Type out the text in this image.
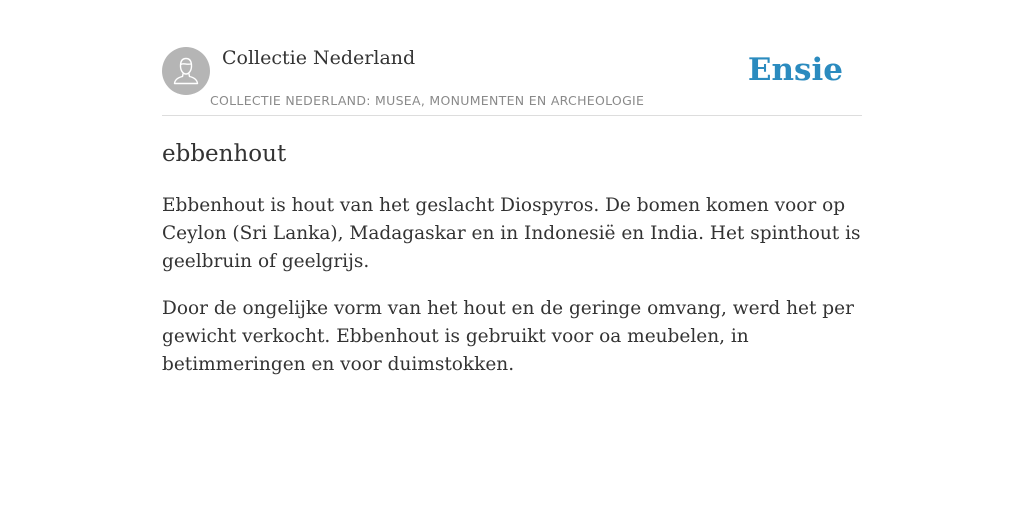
Collectie Nederland
COLLECTIE NEDERLAND: MUSEA, MONUMENTEN EN ARCHEOLOGIE
Ensie
ebbenhout

Ebbenhout is hout van het geslacht Diospyros. De bomen komen voor op Ceylon (Sri Lanka), Madagaskar en in Indonesië en India. Het spinthout is geelbruin of geelgrijs.

Door de ongelijke vorm van het hout en de geringe omvang, werd het per gewicht verkocht. Ebbenhout is gebruikt voor oa meubelen, in betimmeringen en voor duimstokken.
